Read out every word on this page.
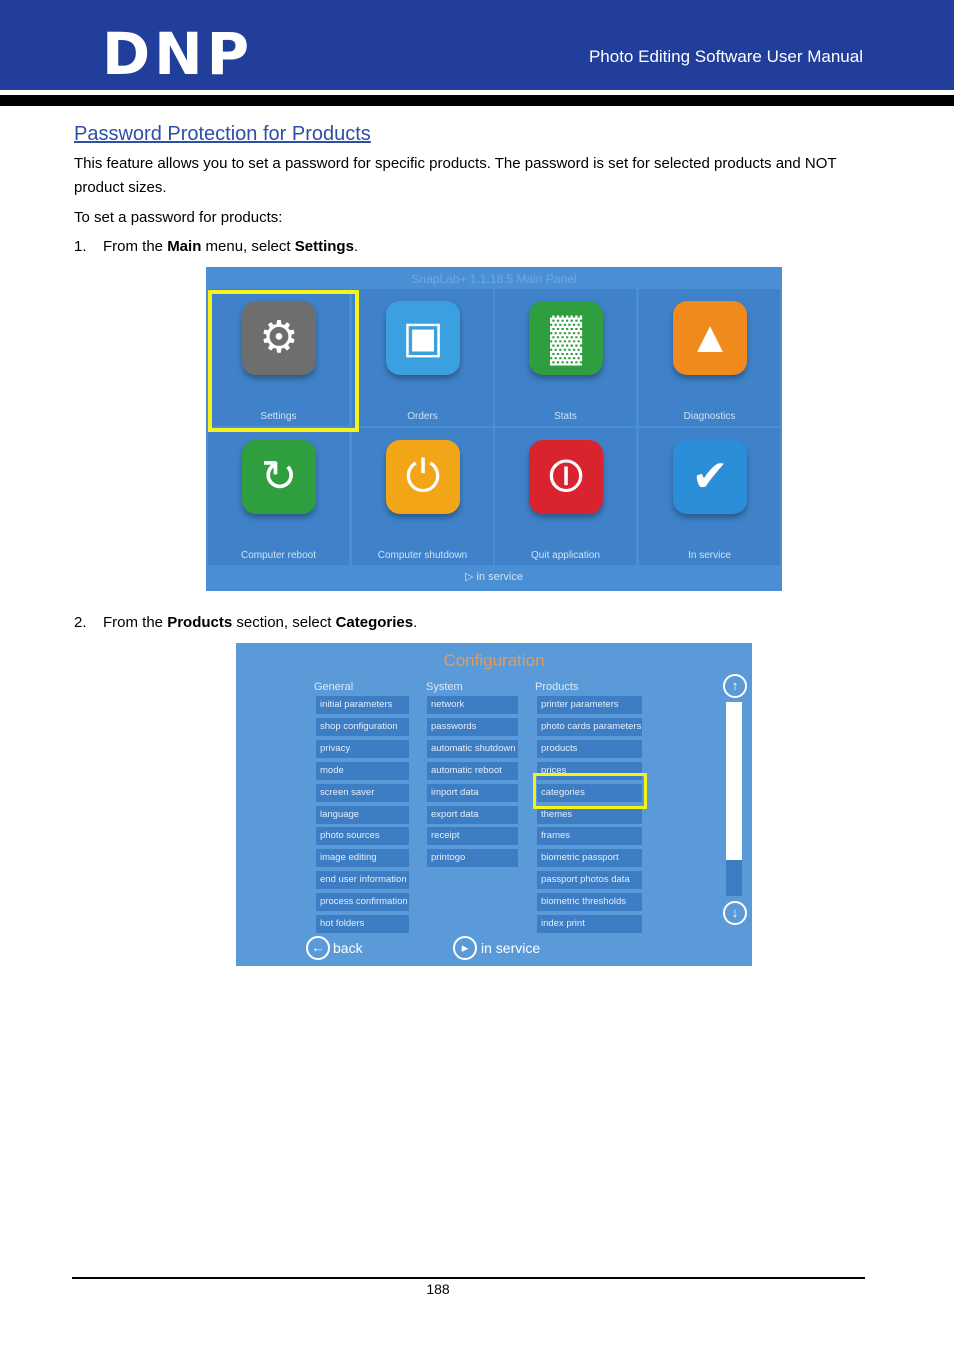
DNP	Photo Editing Software User Manual
Password Protection for Products
This feature allows you to set a password for specific products. The password is set for selected products and NOT product sizes.
To set a password for products:
1. From the Main menu, select Settings.
SnapLab+ 1.1.18.5 Main Panel
▷ in service
⚙
Settings
▣
Orders
▓
Stats
▲
Diagnostics
↻
Computer reboot
⏻
Computer shutdown
⏼
Quit application
✔
In service
2. From the Products section, select Categories.
Configuration
General	System	Products
initial parameters
shop configuration
privacy
mode
screen saver
language
photo sources
image editing
end user information
process confirmation
hot folders
network
passwords
automatic shutdown
automatic reboot
import data
export data
receipt
printogo
printer parameters
photo cards parameters
products
prices
categories
themes
frames
biometric passport
passport photos data
biometric thresholds
index print
↑
↓
← back	▸ in service
188
